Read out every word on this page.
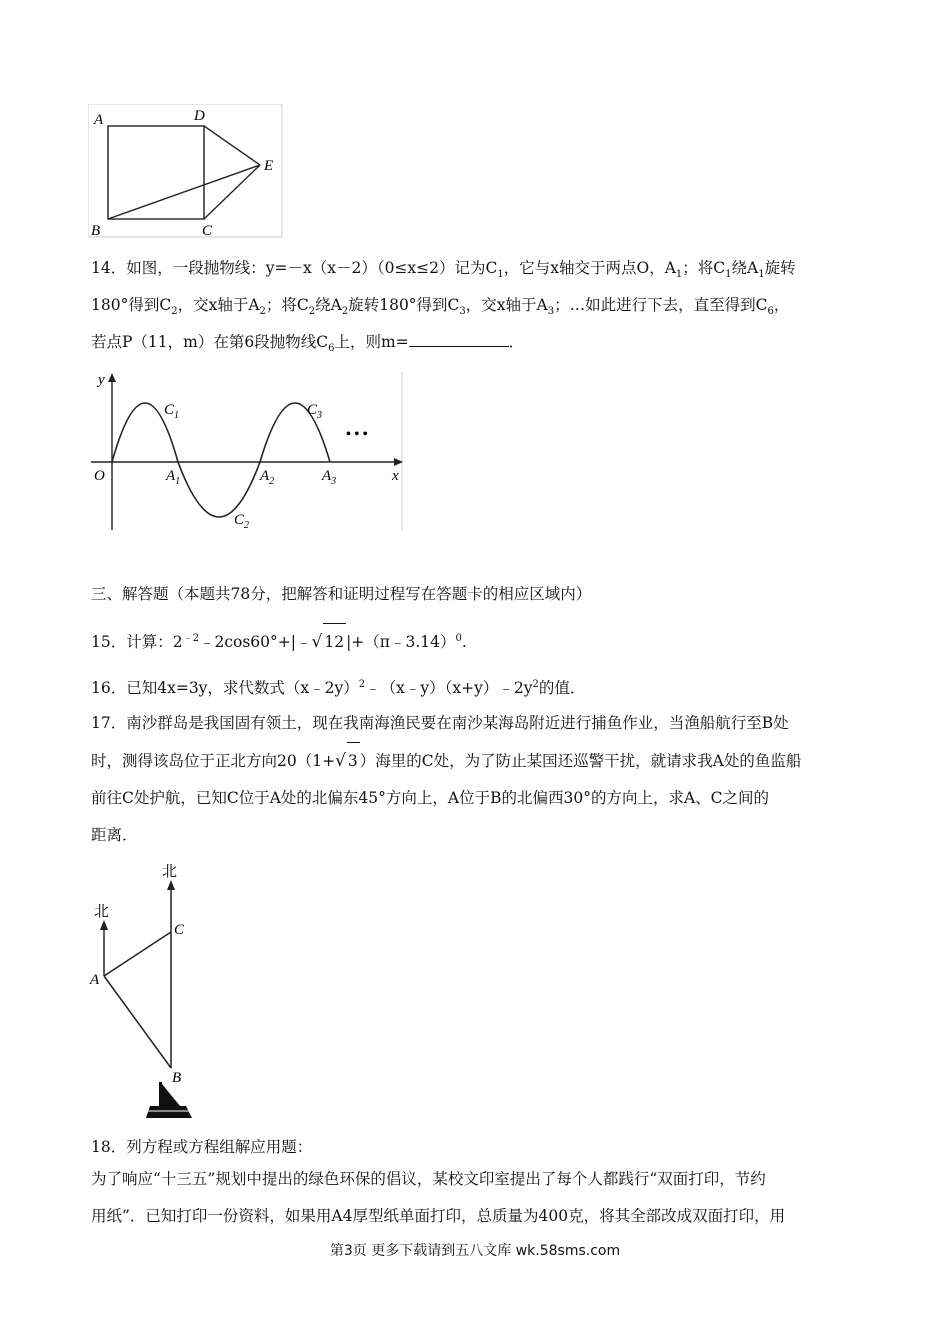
A	D
E
B	C
14．如图，一段抛物线：y=－x（x－2）（0≤x≤2）记为$C_1$，它与x轴交于两点O，$A_1$；将$C_1$绕$A_1$旋转
180°得到$C_2$，交x轴于$A_2$；将$C_2$绕$A_2$旋转180°得到$C_3$，交x轴于$A_3$；…如此进行下去，直至得到$C_6$，
若点P（11，m）在第6段抛物线$C_6$上，则m=	．
y
x
O	$A_1$	$A_2$	$A_3$
$C_1$
$C_2$
$C_3$
• • •
三、解答题（本题共78分，把解答和证明过程写在答题卡的相应区域内）
15．计算：$2^{﹣2}﹣2\cos 60^\circ+|﹣√$ 12 |+（π﹣3.14）$^0$.
16．已知4x=3y，求代数式$(x﹣2y)^2﹣(x﹣y)(x+y)﹣2y^2$的值．
17．南沙群岛是我国固有领土，现在我南海渔民要在南沙某海岛附近进行捕鱼作业，当渔船航行至B处
时，测得该岛位于正北方向20（1+√ 3 ）海里的C处，为了防止某国还巡警干扰，就请求我A处的鱼监船
前往C处护航，已知C位于A处的北偏东45°方向上，A位于B的北偏西30°的方向上，求A、C之间的
距离．
北
北
C
A
B
18．列方程或方程组解应用题：
为了响应“十三五”规划中提出的绿色环保的倡议，某校文印室提出了每个人都践行“双面打印，节约
用纸”．已知打印一份资料，如果用A4厚型纸单面打印，总质量为400克，将其全部改成双面打印，用
第3页 更多下载请到五八文库 wk.58sms.com
